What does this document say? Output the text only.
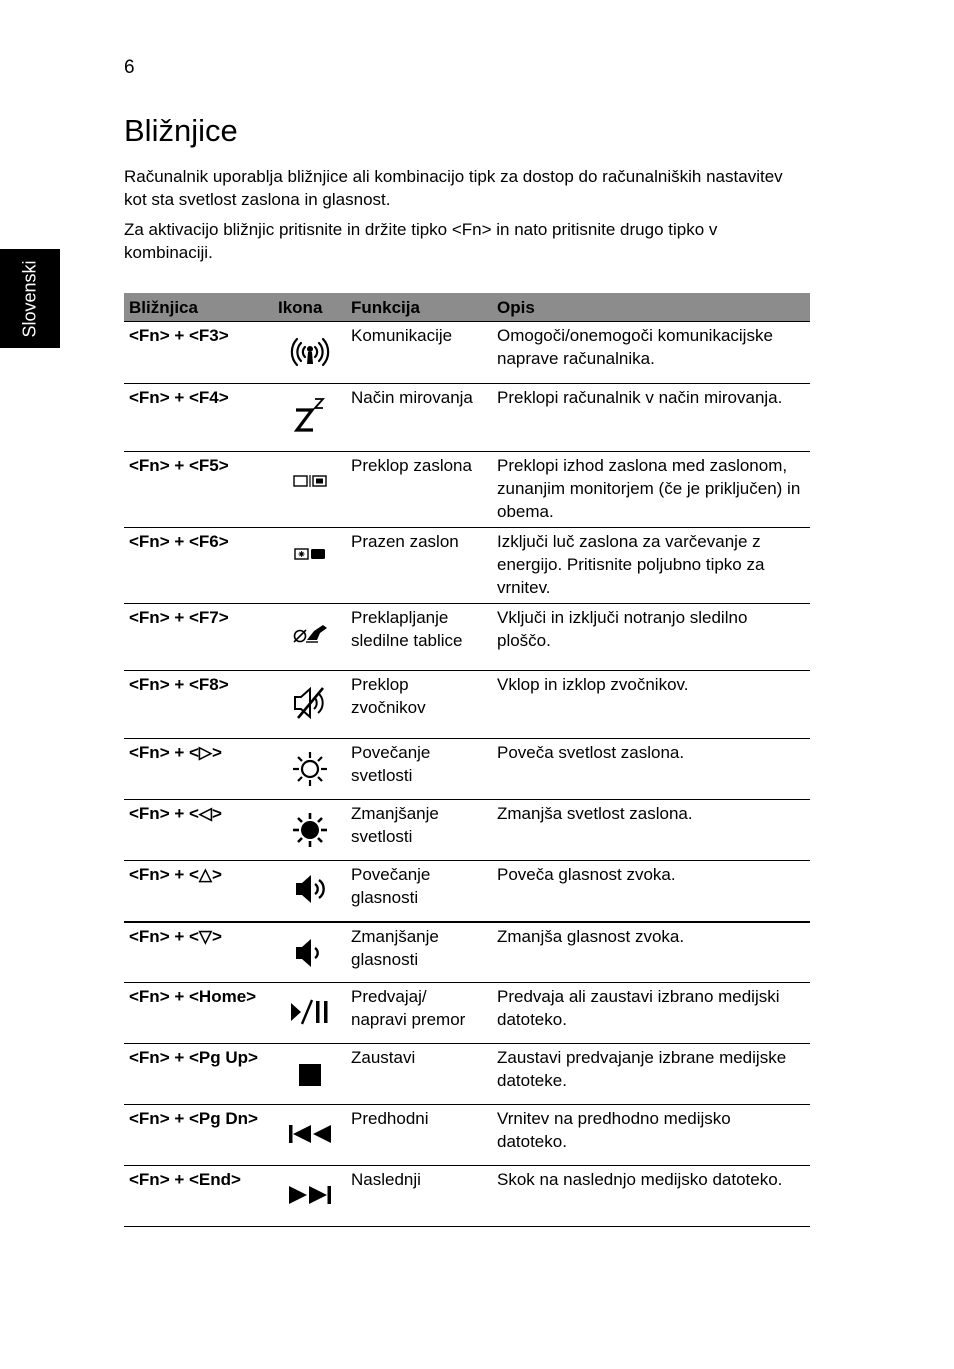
6
Slovenski
Bližnjice

Računalnik uporablja bližnjice ali kombinacijo tipk za dostop do računalniških nastavitev kot sta svetlost zaslona in glasnost.

Za aktivacijo bližnjic pritisnite in držite tipko <Fn> in nato pritisnite drugo tipko v kombinaciji.

Bližnjica	Ikona	Funkcija	Opis
<Fn> + <F3>		Komunikacije	Omogoči/onemogoči komunikacijske naprave računalnika.
<Fn> + <F4>		Način mirovanja	Preklopi računalnik v način mirovanja.
<Fn> + <F5>		Preklop zaslona	Preklopi izhod zaslona med zaslonom, zunanjim monitorjem (če je priključen) in obema.
<Fn> + <F6>		Prazen zaslon	Izklјuči luč zaslona za varčevanje z energijo. Pritisnite poljubno tipko za vrnitev.
<Fn> + <F7>		Preklapljanje sledilne tablice	Vključi in izključi notranjo sledilno ploščo.
<Fn> + <F8>		Preklop zvočnikov	Vklop in izklop zvočnikov.
<Fn> + <▷>		Povečanje svetlosti	Poveča svetlost zaslona.
<Fn> + <◁>		Zmanjšanje svetlosti	Zmanjša svetlost zaslona.
<Fn> + <△>		Povečanje glasnosti	Poveča glasnost zvoka.
<Fn> + <▽>		Zmanjšanje glasnosti	Zmanjša glasnost zvoka.
<Fn> + <Home>		Predvajaj/ napravi premor	Predvaja ali zaustavi izbrano medijski datoteko.
<Fn> + <Pg Up>		Zaustavi	Zaustavi predvajanje izbrane medijske datoteke.
<Fn> + <Pg Dn>		Predhodni	Vrnitev na predhodno medijsko datoteko.
<Fn> + <End>		Naslednji	Skok na naslednjo medijsko datoteko.
